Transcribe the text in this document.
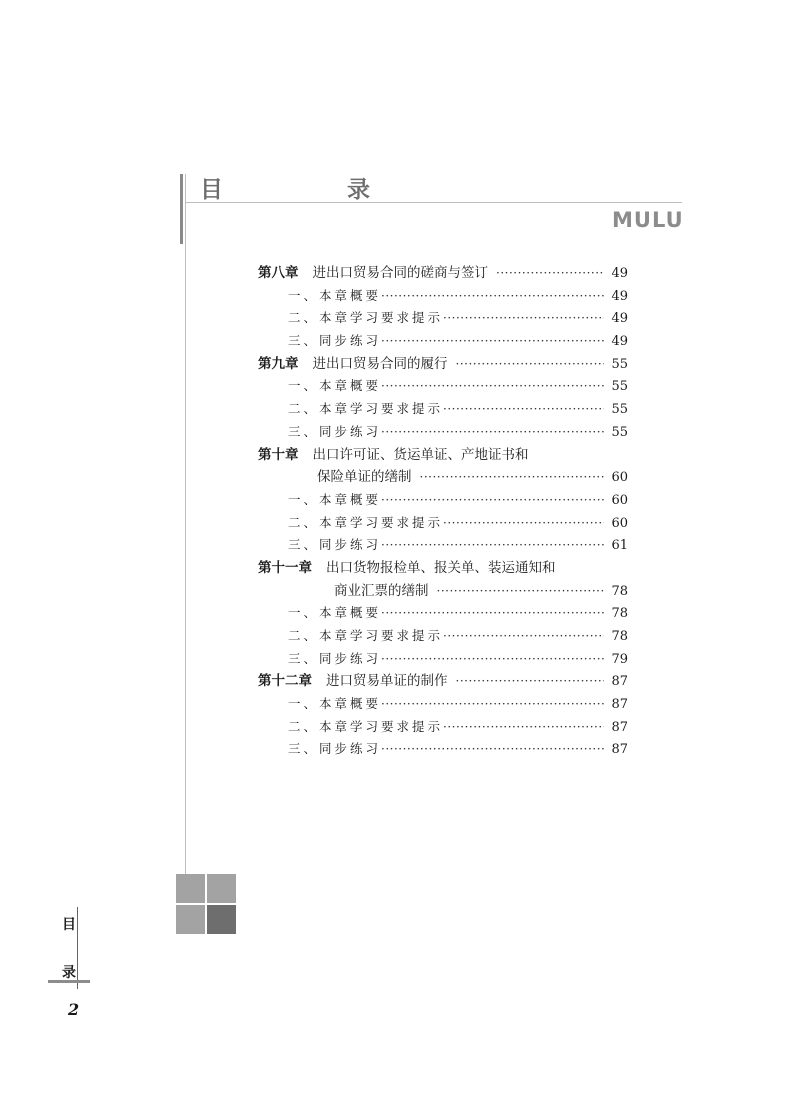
目 录
MULU
第八章 进出口贸易合同的磋商与签订 ·····	49
一、本章概要 ·····	49
二、本章学习要求提示 ·····	49
三、同步练习 ·····	49
第九章 进出口贸易合同的履行 ·····	55
一、本章概要 ·····	55
二、本章学习要求提示 ·····	55
三、同步练习 ·····	55
第十章 出口许可证、货运单证、产地证书和
保险单证的缮制 ·····	60
一、本章概要 ·····	60
二、本章学习要求提示 ·····	60
三、同步练习 ·····	61
第十一章 出口货物报检单、报关单、装运通知和
商业汇票的缮制 ·····	78
一、本章概要 ·····	78
二、本章学习要求提示 ·····	78
三、同步练习 ·····	79
第十二章 进口贸易单证的制作 ·····	87
一、本章概要 ·····	87
二、本章学习要求提示 ·····	87
三、同步练习 ·····	87
目
录
2
